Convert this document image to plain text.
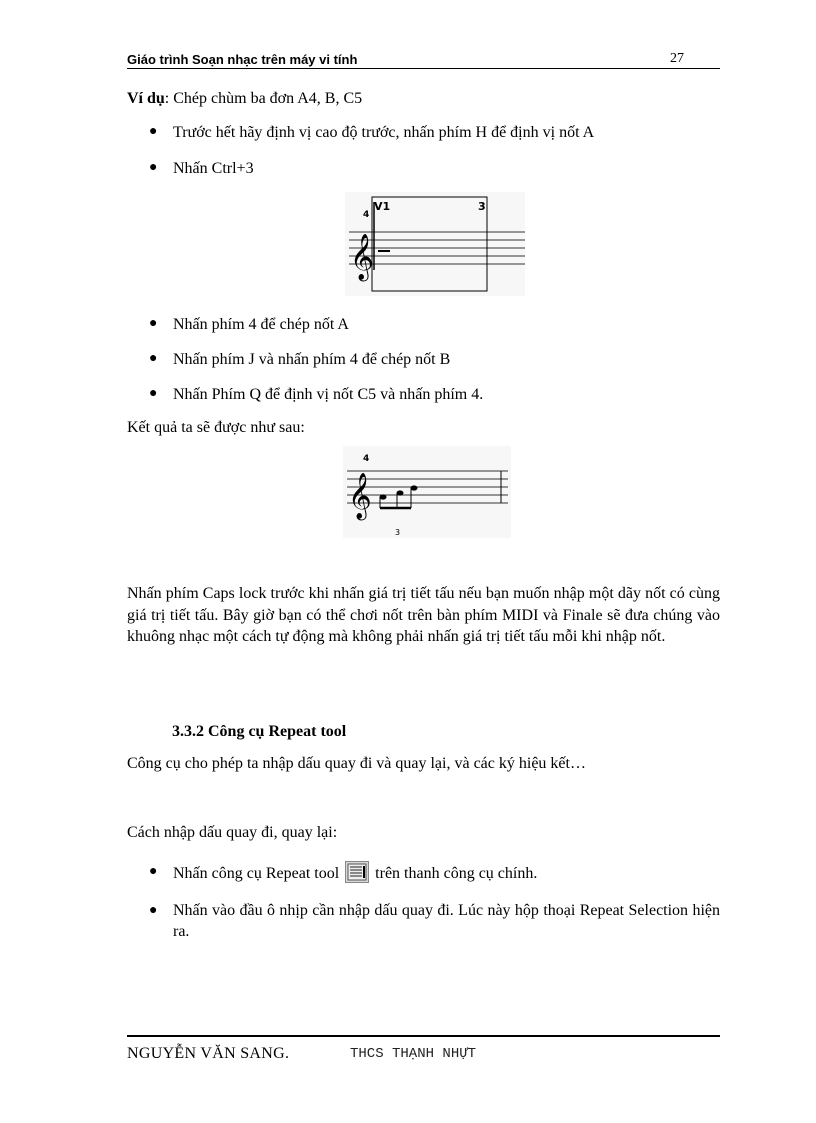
Giáo trình Soạn nhạc trên máy vi tính	27
Ví dụ: Chép chùm ba đơn A4, B, C5
● Trước hết hãy định vị cao độ trước, nhấn phím H để định vị nốt A
● Nhấn Ctrl+3
𝄞
4
V1	3
● Nhấn phím 4 để chép nốt A
● Nhấn phím J và nhấn phím 4 để chép nốt B
● Nhấn Phím Q để định vị nốt C5 và nhấn phím 4.
Kết quả ta sẽ được như sau:
𝄞
4
3
Nhấn phím Caps lock trước khi nhấn giá trị tiết tấu nếu bạn muốn nhập một dãy nốt có cùng giá trị tiết tấu. Bây giờ bạn có thể chơi nốt trên bàn phím MIDI và Finale sẽ đưa chúng vào khuông nhạc một cách tự động mà không phải nhấn giá trị tiết tấu mỗi khi nhập nốt.
3.3.2 Công cụ Repeat tool
Công cụ cho phép ta nhập dấu quay đi và quay lại, và các ký hiệu kết…
Cách nhập dấu quay đi, quay lại:
● Nhấn công cụ Repeat tool trên thanh công cụ chính.
● Nhấn vào đầu ô nhịp cần nhập dấu quay đi. Lúc này hộp thoại Repeat Selection hiện ra.
NGUYỄN VĂN SANG.	THCS THẠNH NHỰT
